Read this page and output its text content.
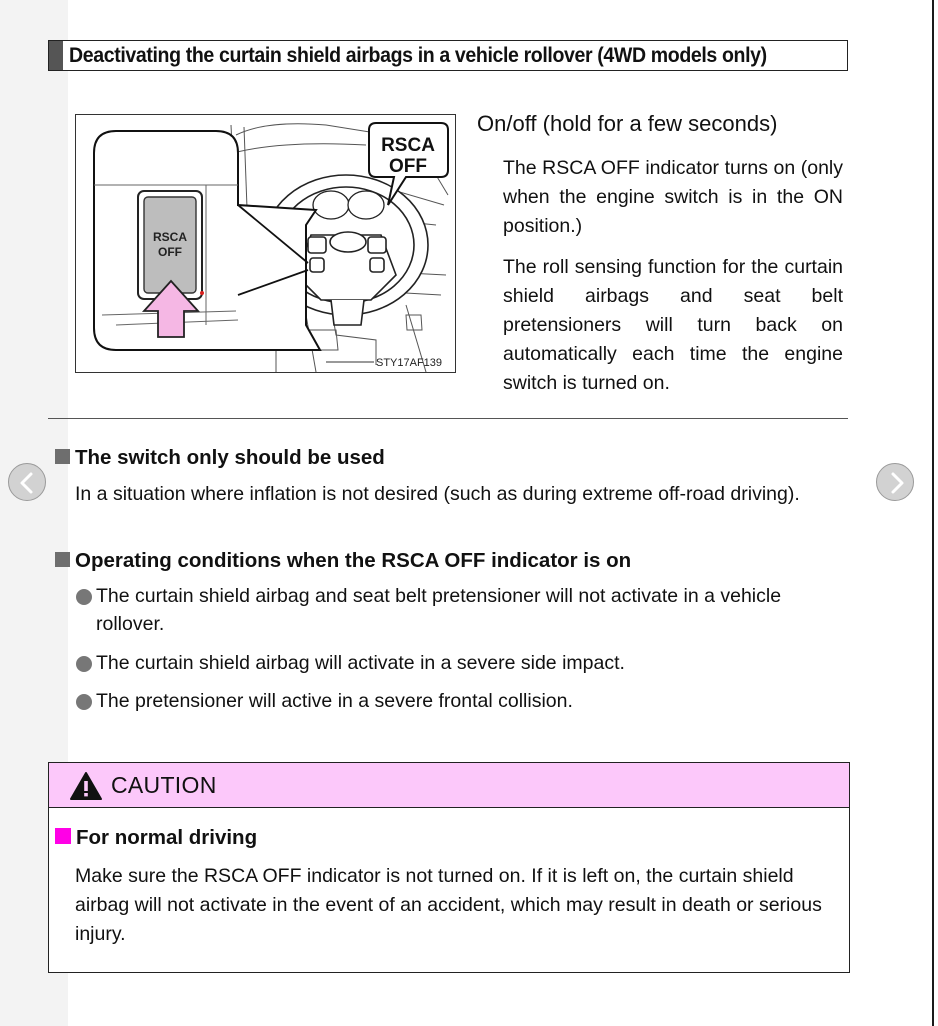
Deactivating the curtain shield airbags in a vehicle rollover (4WD models only)
RSCA
OFF
RSCA
OFF
STY17AF139
On/off (hold for a few seconds)
The RSCA OFF indicator turns on (only when the engine switch is in the ON position.)
The roll sensing function for the curtain shield airbags and seat belt pretensioners will turn back on automatically each time the engine switch is turned on.
The switch only should be used
In a situation where inflation is not desired (such as during extreme off-road driving).
Operating conditions when the RSCA OFF indicator is on
The curtain shield airbag and seat belt pretensioner will not activate in a vehicle rollover.
The curtain shield airbag will activate in a severe side impact.
The pretensioner will active in a severe frontal collision.
CAUTION
For normal driving
Make sure the RSCA OFF indicator is not turned on. If it is left on, the curtain shield airbag will not activate in the event of an accident, which may result in death or serious injury.
